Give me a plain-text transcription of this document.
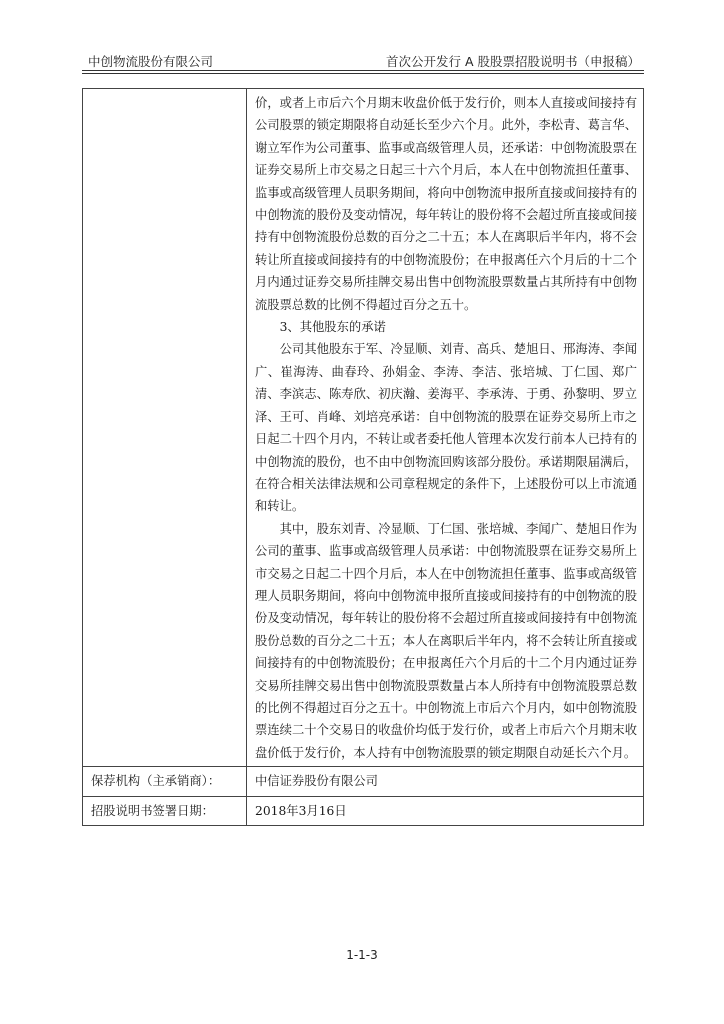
中创物流股份有限公司	首次公开发行 A 股股票招股说明书（申报稿）

	价，或者上市后六个月期末收盘价低于发行价，则本人直接或间接持有公司股票的锁定期限将自动延长至少六个月。此外，李松青、葛言华、谢立军作为公司董事、监事或高级管理人员，还承诺：中创物流股票在证券交易所上市交易之日起三十六个月后，本人在中创物流担任董事、监事或高级管理人员职务期间，将向中创物流申报所直接或间接持有的中创物流的股份及变动情况，每年转让的股份将不会超过所直接或间接持有中创物流股份总数的百分之二十五；本人在离职后半年内，将不会转让所直接或间接持有的中创物流股份；在申报离任六个月后的十二个月内通过证券交易所挂牌交易出售中创物流股票数量占其所持有中创物流股票总数的比例不得超过百分之五十。

3、其他股东的承诺

公司其他股东于军、冷显顺、刘青、高兵、楚旭日、邢海涛、李闻广、崔海涛、曲春玲、孙娟金、李涛、李洁、张培城、丁仁国、郑广清、李滨志、陈寿欣、初庆瀚、姜海平、李承涛、于勇、孙黎明、罗立泽、王可、肖峰、刘培亮承诺：自中创物流的股票在证券交易所上市之日起二十四个月内，不转让或者委托他人管理本次发行前本人已持有的中创物流的股份，也不由中创物流回购该部分股份。承诺期限届满后，在符合相关法律法规和公司章程规定的条件下，上述股份可以上市流通和转让。

其中，股东刘青、冷显顺、丁仁国、张培城、李闻广、楚旭日作为公司的董事、监事或高级管理人员承诺：中创物流股票在证券交易所上市交易之日起二十四个月后，本人在中创物流担任董事、监事或高级管理人员职务期间，将向中创物流申报所直接或间接持有的中创物流的股份及变动情况，每年转让的股份将不会超过所直接或间接持有中创物流股份总数的百分之二十五；本人在离职后半年内，将不会转让所直接或间接持有的中创物流股份；在申报离任六个月后的十二个月内通过证券交易所挂牌交易出售中创物流股票数量占本人所持有中创物流股票总数的比例不得超过百分之五十。中创物流上市后六个月内，如中创物流股票连续二十个交易日的收盘价均低于发行价，或者上市后六个月期末收盘价低于发行价，本人持有中创物流股票的锁定期限自动延长六个月。

保荐机构（主承销商）：	中信证券股份有限公司
招股说明书签署日期：	2018年3月16日
1-1-3
